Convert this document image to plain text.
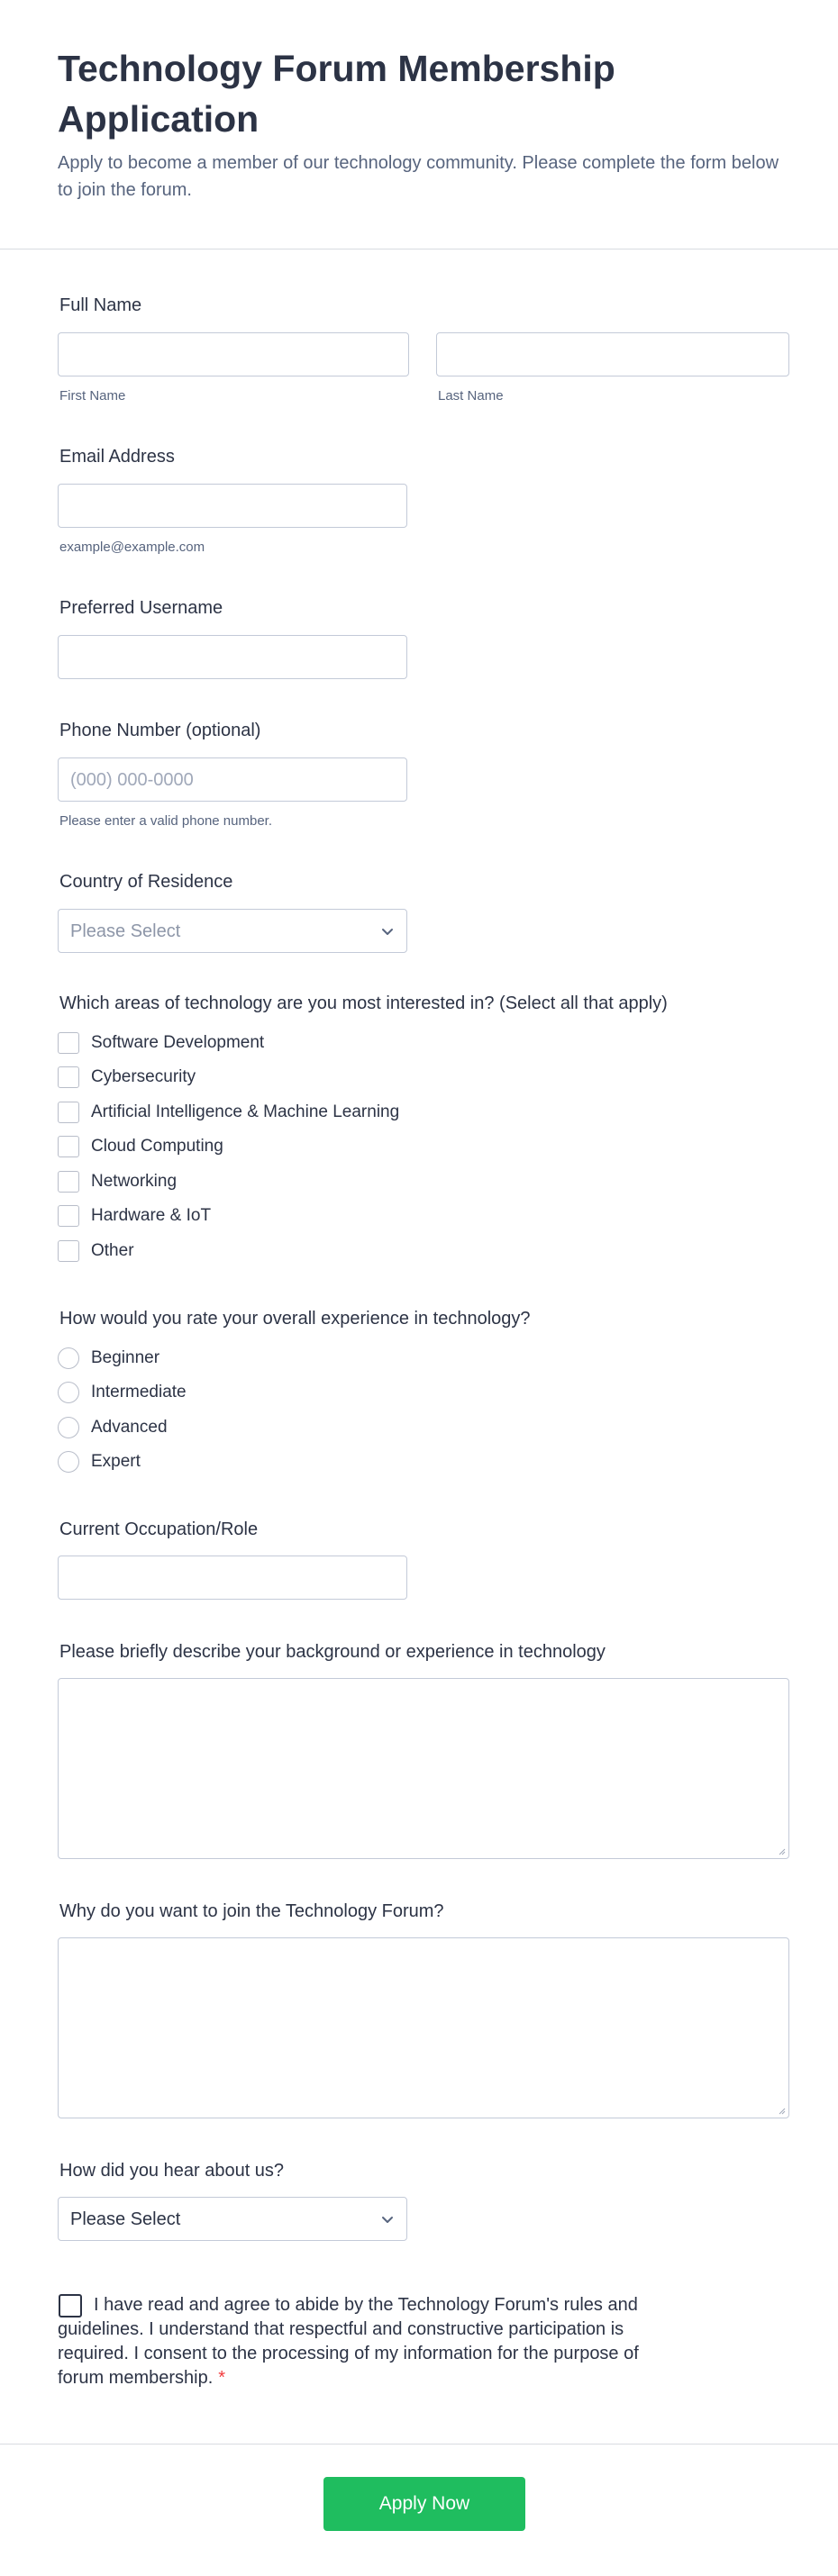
Technology Forum Membership Application

Apply to become a member of our technology community. Please complete the form below to join the forum.

Full Name
First Name	Last Name
Email Address
example@example.com
Preferred Username
Phone Number (optional)
(000) 000-0000
Please enter a valid phone number.
Country of Residence
Please Select
Which areas of technology are you most interested in? (Select all that apply)
Software Development
Cybersecurity
Artificial Intelligence & Machine Learning
Cloud Computing
Networking
Hardware & IoT
Other
How would you rate your overall experience in technology?
Beginner
Intermediate
Advanced
Expert
Current Occupation/Role
Please briefly describe your background or experience in technology
Why do you want to join the Technology Forum?
How did you hear about us?
Please Select
I have read and agree to abide by the Technology Forum's rules and guidelines. I understand that respectful and constructive participation is required. I consent to the processing of my information for the purpose of forum membership. *
Apply Now
